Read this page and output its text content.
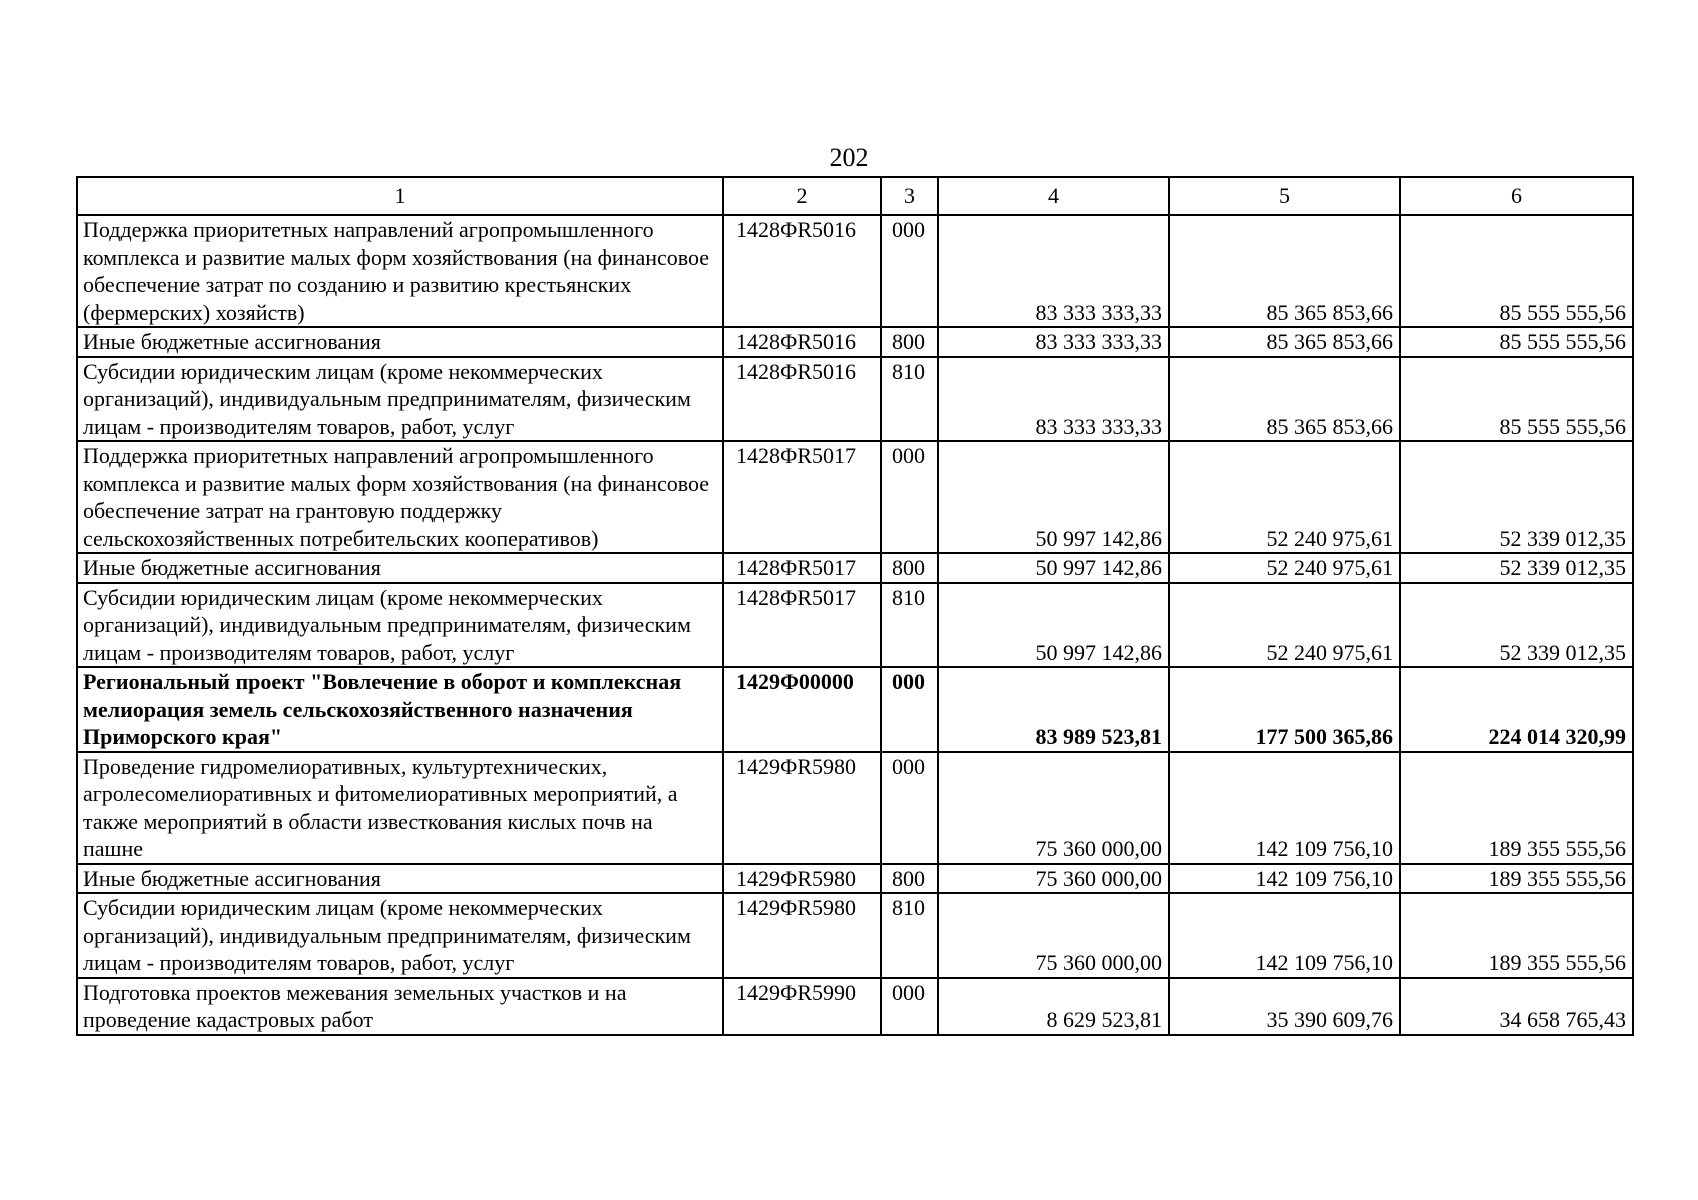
202
1	2	3	4	5	6
Поддержка приоритетных направлений агропромышленного комплекса и развитие малых форм хозяйствования (на финансовое обеспечение затрат по созданию и развитию крестьянских (фермерских) хозяйств)	1428ФR5016	000	83 333 333,33	85 365 853,66	85 555 555,56
Иные бюджетные ассигнования	1428ФR5016	800	83 333 333,33	85 365 853,66	85 555 555,56
Субсидии юридическим лицам (кроме некоммерческих организаций), индивидуальным предпринимателям, физическим лицам - производителям товаров, работ, услуг	1428ФR5016	810	83 333 333,33	85 365 853,66	85 555 555,56
Поддержка приоритетных направлений агропромышленного комплекса и развитие малых форм хозяйствования (на финансовое обеспечение затрат на грантовую поддержку сельскохозяйственных потребительских кооперативов)	1428ФR5017	000	50 997 142,86	52 240 975,61	52 339 012,35
Иные бюджетные ассигнования	1428ФR5017	800	50 997 142,86	52 240 975,61	52 339 012,35
Субсидии юридическим лицам (кроме некоммерческих организаций), индивидуальным предпринимателям, физическим лицам - производителям товаров, работ, услуг	1428ФR5017	810	50 997 142,86	52 240 975,61	52 339 012,35
Региональный проект "Вовлечение в оборот и комплексная мелиорация земель сельскохозяйственного назначения Приморского края"	1429Ф00000	000	83 989 523,81	177 500 365,86	224 014 320,99
Проведение гидромелиоративных, культуртехнических, агролесомелиоративных и фитомелиоративных мероприятий, а также мероприятий в области известкования кислых почв на пашне	1429ФR5980	000	75 360 000,00	142 109 756,10	189 355 555,56
Иные бюджетные ассигнования	1429ФR5980	800	75 360 000,00	142 109 756,10	189 355 555,56
Субсидии юридическим лицам (кроме некоммерческих организаций), индивидуальным предпринимателям, физическим лицам - производителям товаров, работ, услуг	1429ФR5980	810	75 360 000,00	142 109 756,10	189 355 555,56
Подготовка проектов межевания земельных участков и на проведение кадастровых работ	1429ФR5990	000	8 629 523,81	35 390 609,76	34 658 765,43
